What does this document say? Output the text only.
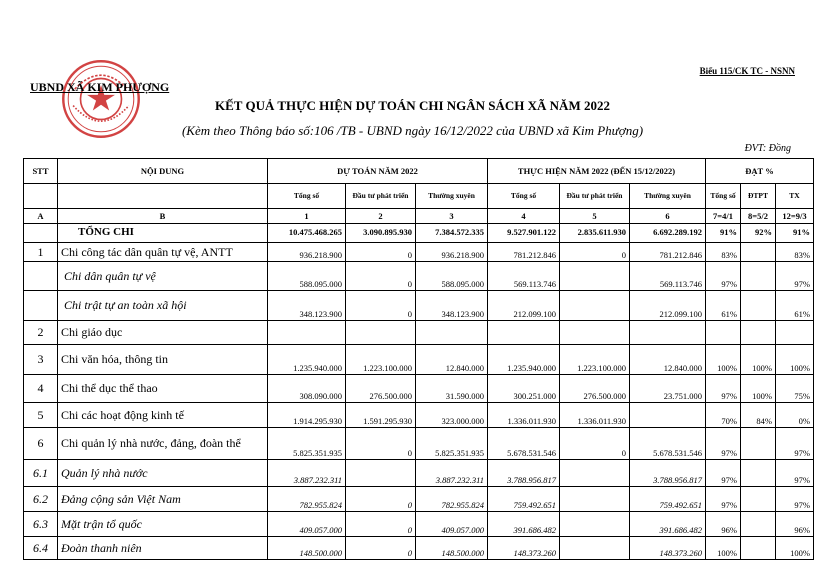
UBND XÃ KIM PHƯỢNG
Biểu 115/CK TC - NSNN
KẾT QUẢ THỰC HIỆN DỰ TOÁN CHI NGÂN SÁCH XÃ NĂM 2022
(Kèm theo Thông báo số:106 /TB - UBND ngày 16/12/2022 của UBND xã Kim Phượng)
ĐVT: Đồng
STT	NỘI DUNG	DỰ TOÁN NĂM 2022			THỰC HIỆN NĂM 2022 (ĐẾN 15/12/2022)			ĐẠT %		
		Tổng số	Đầu tư phát triển	Thường xuyên	Tổng số	Đầu tư phát triển	Thường xuyên	Tổng số	ĐTPT	TX
A	B	1	2	3	4	5	6	7=4/1	8=5/2	12=9/3
	TỔNG CHI	10.475.468.265	3.090.895.930	7.384.572.335	9.527.901.122	2.835.611.930	6.692.289.192	91%	92%	91%
1	Chi công tác dân quân tự vệ, ANTT	936.218.900	0	936.218.900	781.212.846	0	781.212.846	83%		83%
	Chi dân quân tự vệ	588.095.000	0	588.095.000	569.113.746		569.113.746	97%		97%
	Chi trật tự an toàn xã hội	348.123.900	0	348.123.900	212.099.100		212.099.100	61%		61%
2	Chi giáo dục									
3	Chi văn hóa, thông tin	1.235.940.000	1.223.100.000	12.840.000	1.235.940.000	1.223.100.000	12.840.000	100%	100%	100%
4	Chi thể dục thể thao	308.090.000	276.500.000	31.590.000	300.251.000	276.500.000	23.751.000	97%	100%	75%
5	Chi các hoạt động kinh tế	1.914.295.930	1.591.295.930	323.000.000	1.336.011.930	1.336.011.930		70%	84%	0%
6	Chi quản lý nhà nước, đảng, đoàn thể	5.825.351.935	0	5.825.351.935	5.678.531.546	0	5.678.531.546	97%		97%
6.1	Quản lý nhà nước	3.887.232.311		3.887.232.311	3.788.956.817		3.788.956.817	97%		97%
6.2	Đảng cộng sản Việt Nam	782.955.824	0	782.955.824	759.492.651		759.492.651	97%		97%
6.3	Mặt trận tổ quốc	409.057.000	0	409.057.000	391.686.482		391.686.482	96%		96%
6.4	Đoàn thanh niên	148.500.000	0	148.500.000	148.373.260		148.373.260	100%		100%
